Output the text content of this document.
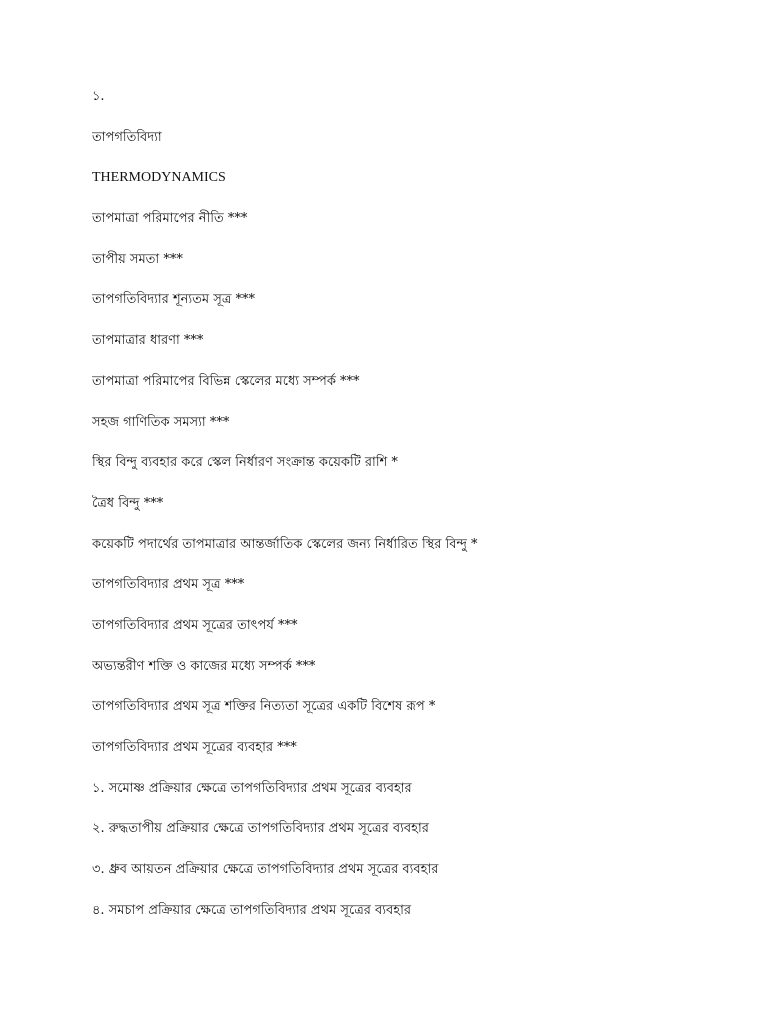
১.
তাপগতিবিদ্যা
THERMODYNAMICS
তাপমাত্রা পরিমাপের নীতি ***
তাপীয় সমতা ***
তাপগতিবিদ্যার শূন্যতম সূত্র ***
তাপমাত্রার ধারণা ***
তাপমাত্রা পরিমাপের বিভিন্ন স্কেলের মধ্যে সম্পর্ক ***
সহজ গাণিতিক সমস্যা ***
স্থির বিন্দু ব্যবহার করে স্কেল নির্ধারণ সংক্রান্ত কয়েকটি রাশি *
ত্রৈধ বিন্দু ***
কয়েকটি পদার্থের তাপমাত্রার আন্তর্জাতিক স্কেলের জন্য নির্ধারিত স্থির বিন্দু *
তাপগতিবিদ্যার প্রথম সূত্র ***
তাপগতিবিদ্যার প্রথম সূত্রের তাৎপর্য ***
অভ্যন্তরীণ শক্তি ও কাজের মধ্যে সম্পর্ক ***
তাপগতিবিদ্যার প্রথম সূত্র শক্তির নিত্যতা সূত্রের একটি বিশেষ রূপ *
তাপগতিবিদ্যার প্রথম সূত্রের ব্যবহার ***
১. সমোষ্ণ প্রক্রিয়ার ক্ষেত্রে তাপগতিবিদ্যার প্রথম সূত্রের ব্যবহার
২. রুদ্ধতাপীয় প্রক্রিয়ার ক্ষেত্রে তাপগতিবিদ্যার প্রথম সূত্রের ব্যবহার
৩. ধ্রুব আয়তন প্রক্রিয়ার ক্ষেত্রে তাপগতিবিদ্যার প্রথম সূত্রের ব্যবহার
৪. সমচাপ প্রক্রিয়ার ক্ষেত্রে তাপগতিবিদ্যার প্রথম সূত্রের ব্যবহার
